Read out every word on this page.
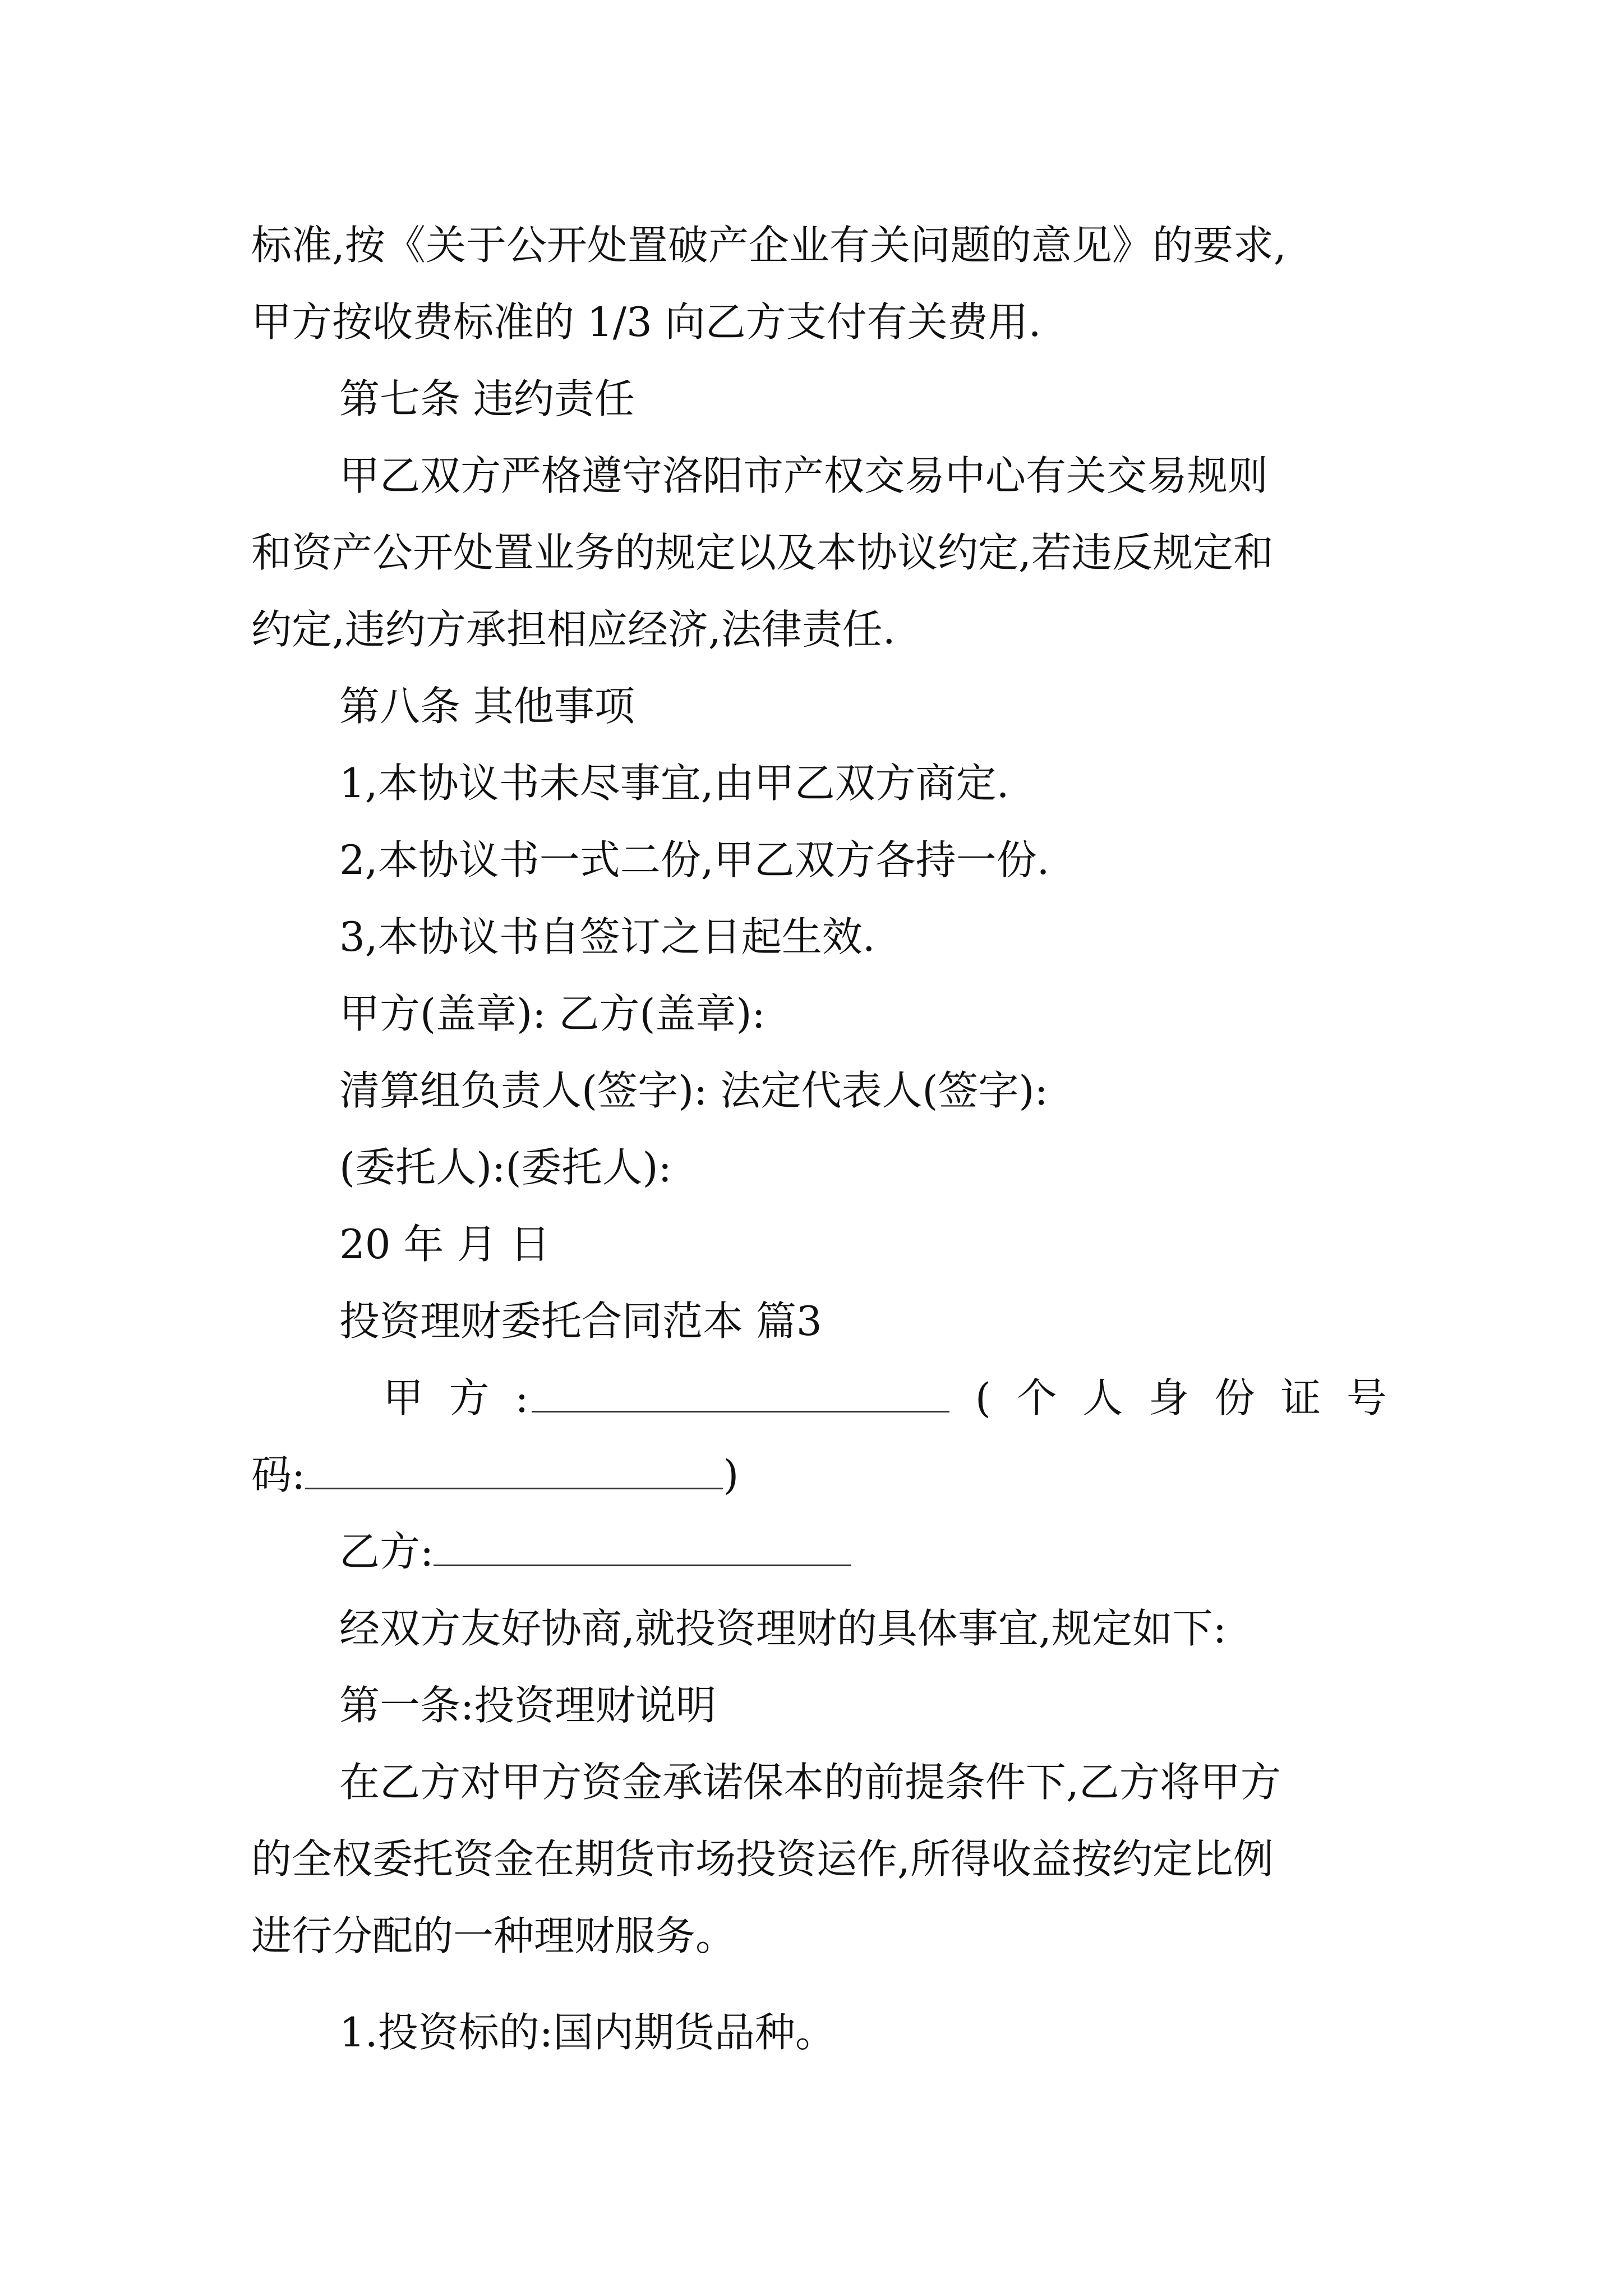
标准,按《关于公开处置破产企业有关问题的意见》的要求,
甲方按收费标准的 1/3 向乙方支付有关费用.
第七条 违约责任
甲乙双方严格遵守洛阳市产权交易中心有关交易规则
和资产公开处置业务的规定以及本协议约定,若违反规定和
约定,违约方承担相应经济,法律责任.
第八条 其他事项
1,本协议书未尽事宜,由甲乙双方商定.
2,本协议书一式二份,甲乙双方各持一份.
3,本协议书自签订之日起生效.
甲方(盖章): 乙方(盖章):
清算组负责人(签字): 法定代表人(签字):
(委托人):(委托人):
20 年 月 日
投资理财委托合同范本 篇3
甲 方 :	( 个 人 身 份 证 号
码:	)
乙方:
经双方友好协商,就投资理财的具体事宜,规定如下:
第一条:投资理财说明
在乙方对甲方资金承诺保本的前提条件下,乙方将甲方
的全权委托资金在期货市场投资运作,所得收益按约定比例
进行分配的一种理财服务。
1.投资标的:国内期货品种。
